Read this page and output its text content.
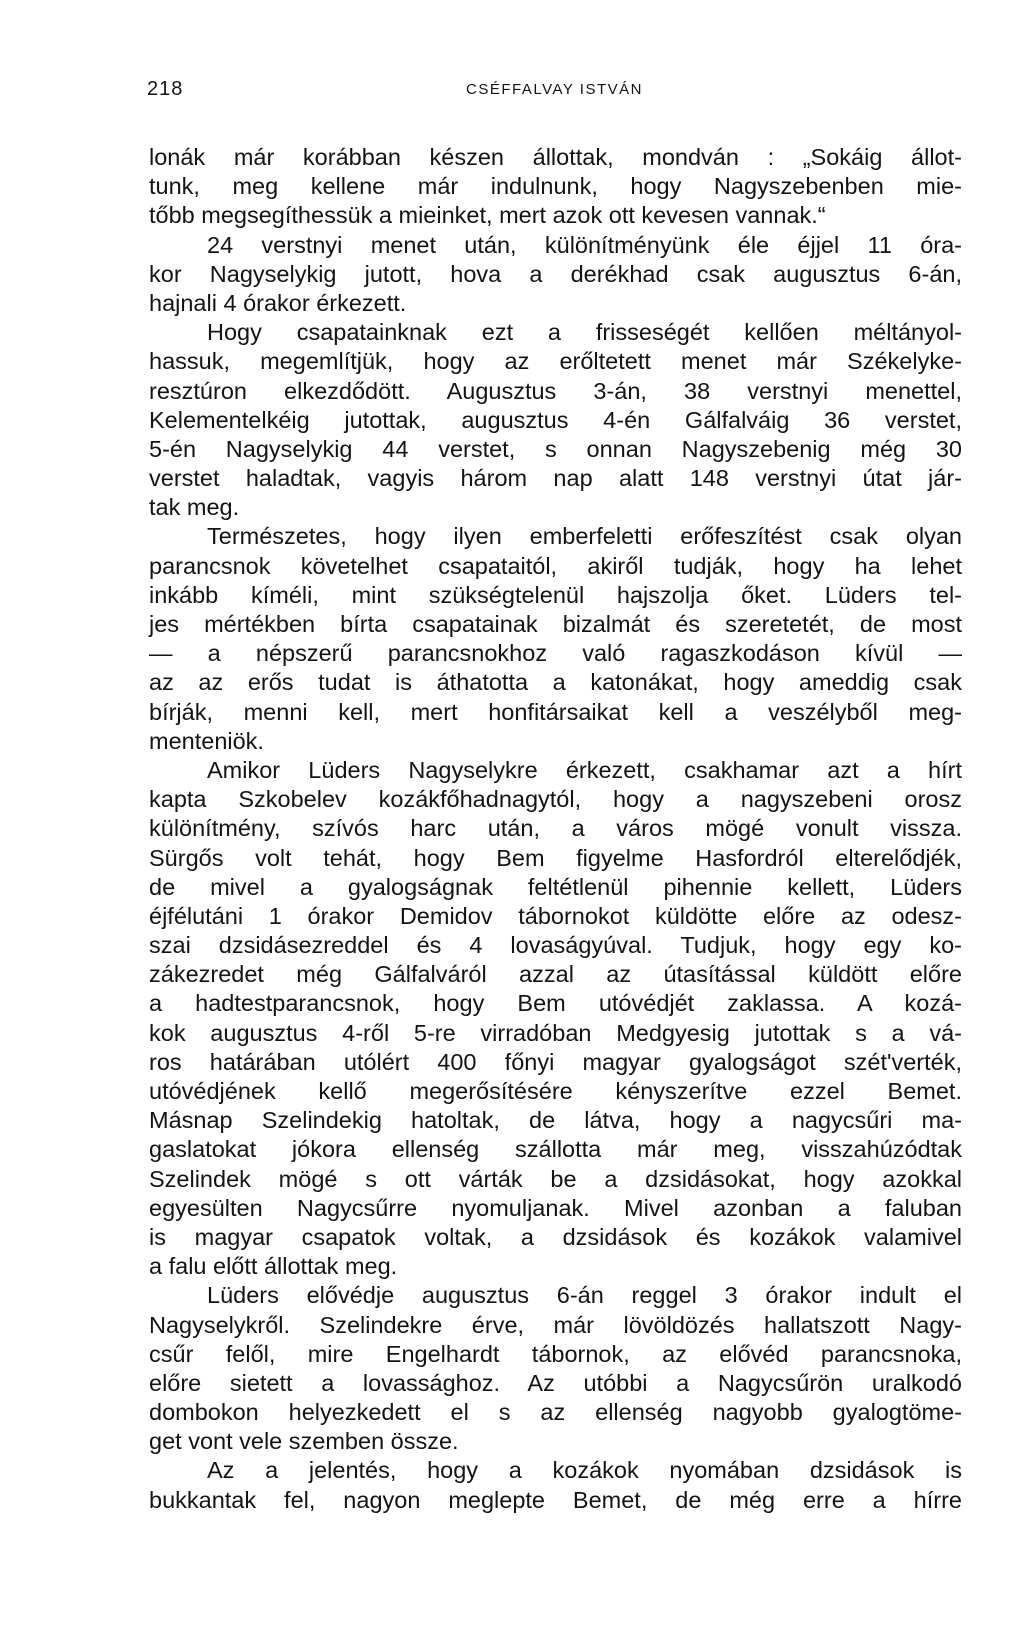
218	CSÉFFALVAY ISTVÁN
lonák már korábban készen állottak, mondván : „Sokáig állot-
tunk, meg kellene már indulnunk, hogy Nagyszebenben mie-
tőbb megsegíthessük a mieinket, mert azok ott kevesen vannak.“
24 verstnyi menet után, különítményünk éle éjjel 11 óra-
kor Nagyselykig jutott, hova a derékhad csak augusztus 6-án,
hajnali 4 órakor érkezett.
Hogy csapatainknak ezt a frisseségét kellően méltányol-
hassuk, megemlítjük, hogy az erőltetett menet már Székelyke-
resztúron elkezdődött. Augusztus 3-án, 38 verstnyi menettel,
Kelementelkéig jutottak, augusztus 4-én Gálfalváig 36 verstet,
5-én Nagyselykig 44 verstet, s onnan Nagyszebenig még 30
verstet haladtak, vagyis három nap alatt 148 verstnyi útat jár-
tak meg.
Természetes, hogy ilyen emberfeletti erőfeszítést csak olyan
parancsnok követelhet csapataitól, akiről tudják, hogy ha lehet
inkább kíméli, mint szükségtelenül hajszolja őket. Lüders tel-
jes mértékben bírta csapatainak bizalmát és szeretetét, de most
— a népszerű parancsnokhoz való ragaszkodáson kívül —
az az erős tudat is áthatotta a katonákat, hogy ameddig csak
bírják, menni kell, mert honfitársaikat kell a veszélyből meg-
menteniök.
Amikor Lüders Nagyselykre érkezett, csakhamar azt a hírt
kapta Szkobelev kozákfőhadnagytól, hogy a nagyszebeni orosz
különítmény, szívós harc után, a város mögé vonult vissza.
Sürgős volt tehát, hogy Bem figyelme Hasfordról elterelődjék,
de mivel a gyalogságnak feltétlenül pihennie kellett, Lüders
éjfélutáni 1 órakor Demidov tábornokot küldötte előre az odesz-
szai dzsidásezreddel és 4 lovaságyúval. Tudjuk, hogy egy ko-
zákezredet még Gálfalváról azzal az útasítással küldött előre
a hadtestparancsnok, hogy Bem utóvédjét zaklassa. A kozá-
kok augusztus 4-ről 5-re virradóban Medgyesig jutottak s a vá-
ros határában utólért 400 főnyi magyar gyalogságot szét'verték,
utóvédjének kellő megerősítésére kényszerítve ezzel Bemet.
Másnap Szelindekig hatoltak, de látva, hogy a nagycsűri ma-
gaslatokat jókora ellenség szállotta már meg, visszahúzódtak
Szelindek mögé s ott várták be a dzsidásokat, hogy azokkal
egyesülten Nagycsűrre nyomuljanak. Mivel azonban a faluban
is magyar csapatok voltak, a dzsidások és kozákok valamivel
a falu előtt állottak meg.
Lüders elővédje augusztus 6-án reggel 3 órakor indult el
Nagyselykről. Szelindekre érve, már lövöldözés hallatszott Nagy-
csűr felől, mire Engelhardt tábornok, az elővéd parancsnoka,
előre sietett a lovassághoz. Az utóbbi a Nagycsűrön uralkodó
dombokon helyezkedett el s az ellenség nagyobb gyalogtöme-
get vont vele szemben össze.
Az a jelentés, hogy a kozákok nyomában dzsidások is
bukkantak fel, nagyon meglepte Bemet, de még erre a hírre
